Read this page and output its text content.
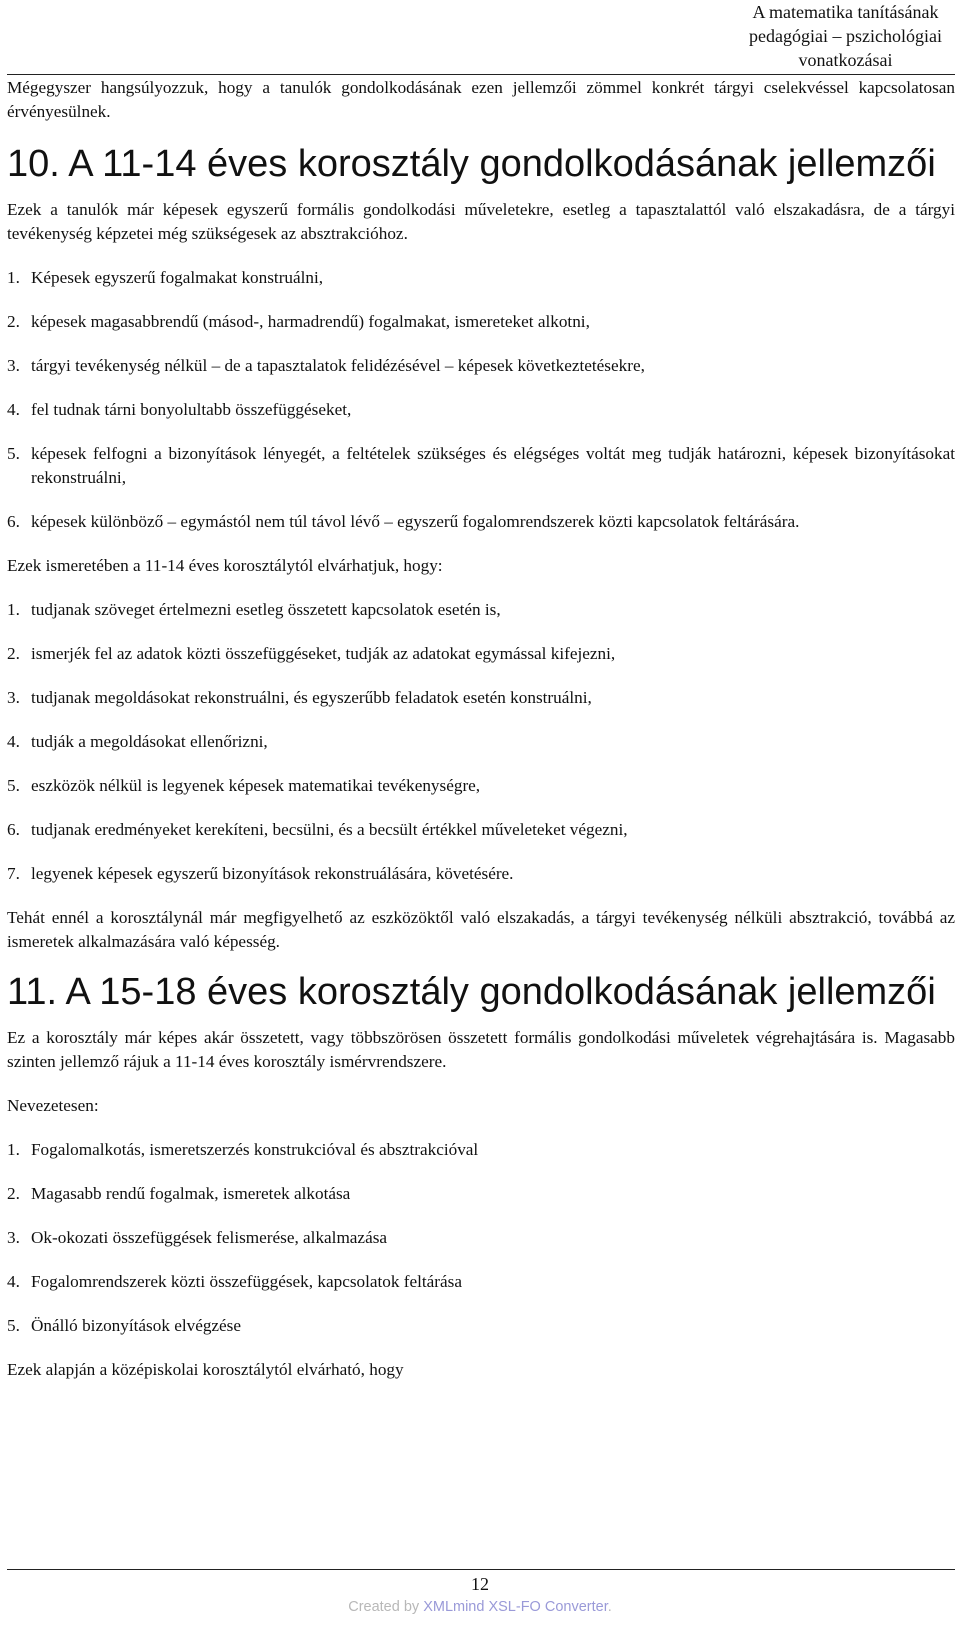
A matematika tanításának
pedagógiai – pszichológiai
vonatkozásai

Mégegyszer hangsúlyozzuk, hogy a tanulók gondolkodásának ezen jellemzői zömmel konkrét tárgyi cselekvéssel kapcsolatosan érvényesülnek.

10. A 11-14 éves korosztály gondolkodásának jellemzői

Ezek a tanulók már képesek egyszerű formális gondolkodási műveletekre, esetleg a tapasztalattól való elszakadásra, de a tárgyi tevékenység képzetei még szükségesek az absztrakcióhoz.

1. Képesek egyszerű fogalmakat konstruálni,
2. képesek magasabbrendű (másod-, harmadrendű) fogalmakat, ismereteket alkotni,
3. tárgyi tevékenység nélkül – de a tapasztalatok felidézésével – képesek következtetésekre,
4. fel tudnak tárni bonyolultabb összefüggéseket,
5. képesek felfogni a bizonyítások lényegét, a feltételek szükséges és elégséges voltát meg tudják határozni, képesek bizonyításokat rekonstruálni,
6. képesek különböző – egymástól nem túl távol lévő – egyszerű fogalomrendszerek közti kapcsolatok feltárására.

Ezek ismeretében a 11-14 éves korosztálytól elvárhatjuk, hogy:

1. tudjanak szöveget értelmezni esetleg összetett kapcsolatok esetén is,
2. ismerjék fel az adatok közti összefüggéseket, tudják az adatokat egymással kifejezni,
3. tudjanak megoldásokat rekonstruálni, és egyszerűbb feladatok esetén konstruálni,
4. tudják a megoldásokat ellenőrizni,
5. eszközök nélkül is legyenek képesek matematikai tevékenységre,
6. tudjanak eredményeket kerekíteni, becsülni, és a becsült értékkel műveleteket végezni,
7. legyenek képesek egyszerű bizonyítások rekonstruálására, követésére.

Tehát ennél a korosztálynál már megfigyelhető az eszközöktől való elszakadás, a tárgyi tevékenység nélküli absztrakció, továbbá az ismeretek alkalmazására való képesség.

11. A 15-18 éves korosztály gondolkodásának jellemzői

Ez a korosztály már képes akár összetett, vagy többszörösen összetett formális gondolkodási műveletek végrehajtására is. Magasabb szinten jellemző rájuk a 11-14 éves korosztály ismérvrendszere.

Nevezetesen:

1. Fogalomalkotás, ismeretszerzés konstrukcióval és absztrakcióval
2. Magasabb rendű fogalmak, ismeretek alkotása
3. Ok-okozati összefüggések felismerése, alkalmazása
4. Fogalomrendszerek közti összefüggések, kapcsolatok feltárása
5. Önálló bizonyítások elvégzése

Ezek alapján a középiskolai korosztálytól elvárható, hogy

12
Created by XMLmind XSL-FO Converter.
